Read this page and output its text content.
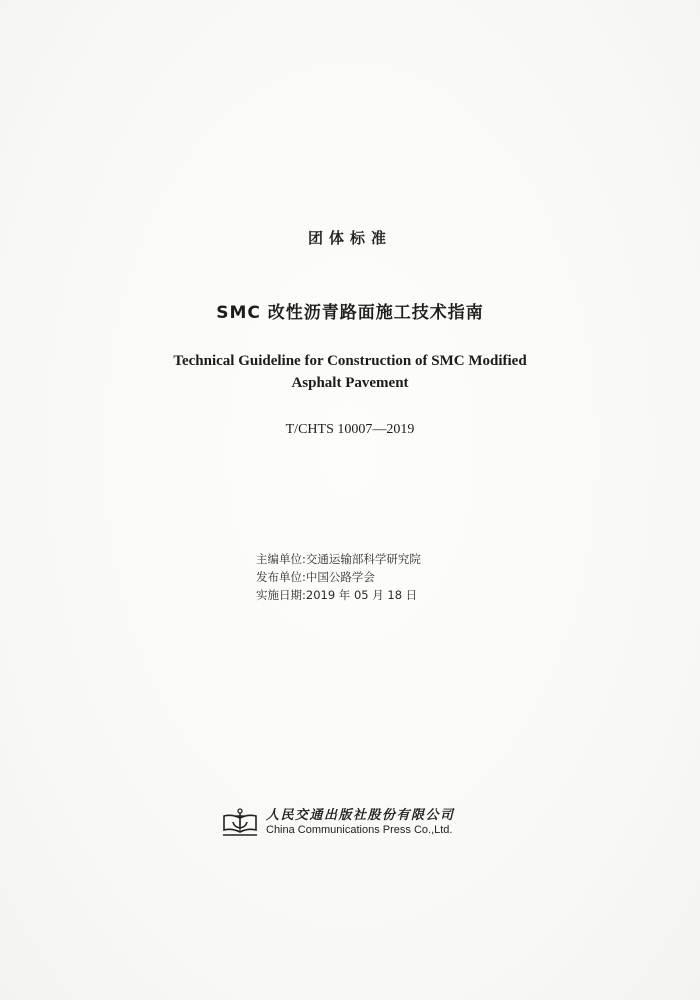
团体标准
SMC 改性沥青路面施工技术指南
Technical Guideline for Construction of SMC Modified
Asphalt Pavement
T/CHTS 10007—2019
主编单位:交通运输部科学研究院
发布单位:中国公路学会
实施日期:2019 年 05 月 18 日
人民交通出版社股份有限公司
China Communications Press Co.,Ltd.
